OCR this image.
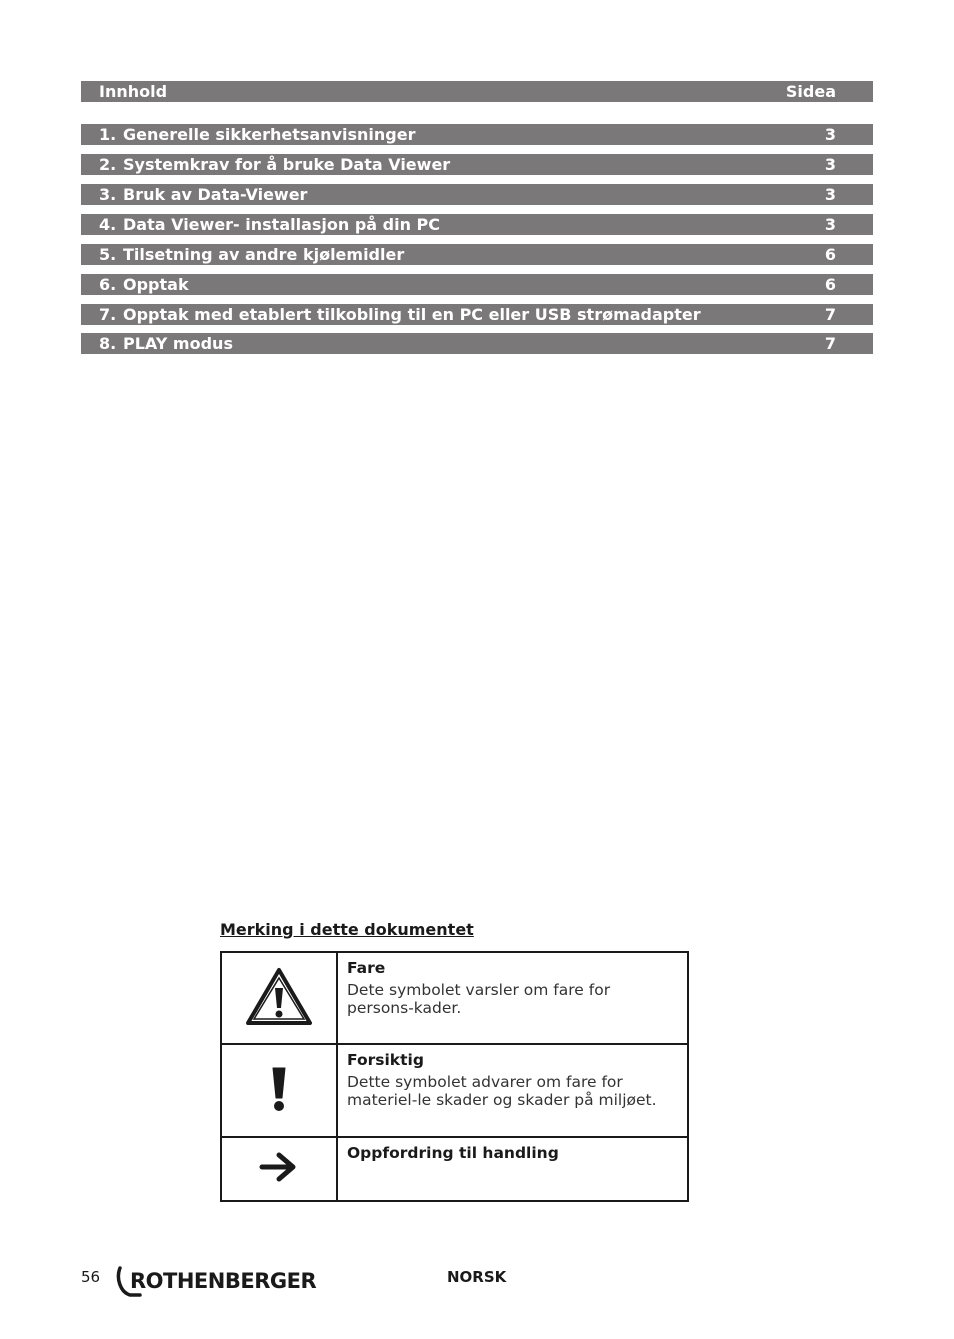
Innhold	Sidea
1. Generelle sikkerhetsanvisninger	3
2. Systemkrav for å bruke Data Viewer	3
3. Bruk av Data-Viewer	3
4. Data Viewer- installasjon på din PC	3
5. Tilsetning av andre kjølemidler	6
6. Opptak	6
7. Opptak med etablert tilkobling til en PC eller USB strømadapter	7
8. PLAY modus	7
Merking i dette dokumentet

Fare
Dete symbolet varsler om fare for persons-kader.

Forsiktig
Dette symbolet advarer om fare for materiel-le skader og skader på miljøet.

Oppfordring til handling
56 ROTHENBERGER	NORSK
